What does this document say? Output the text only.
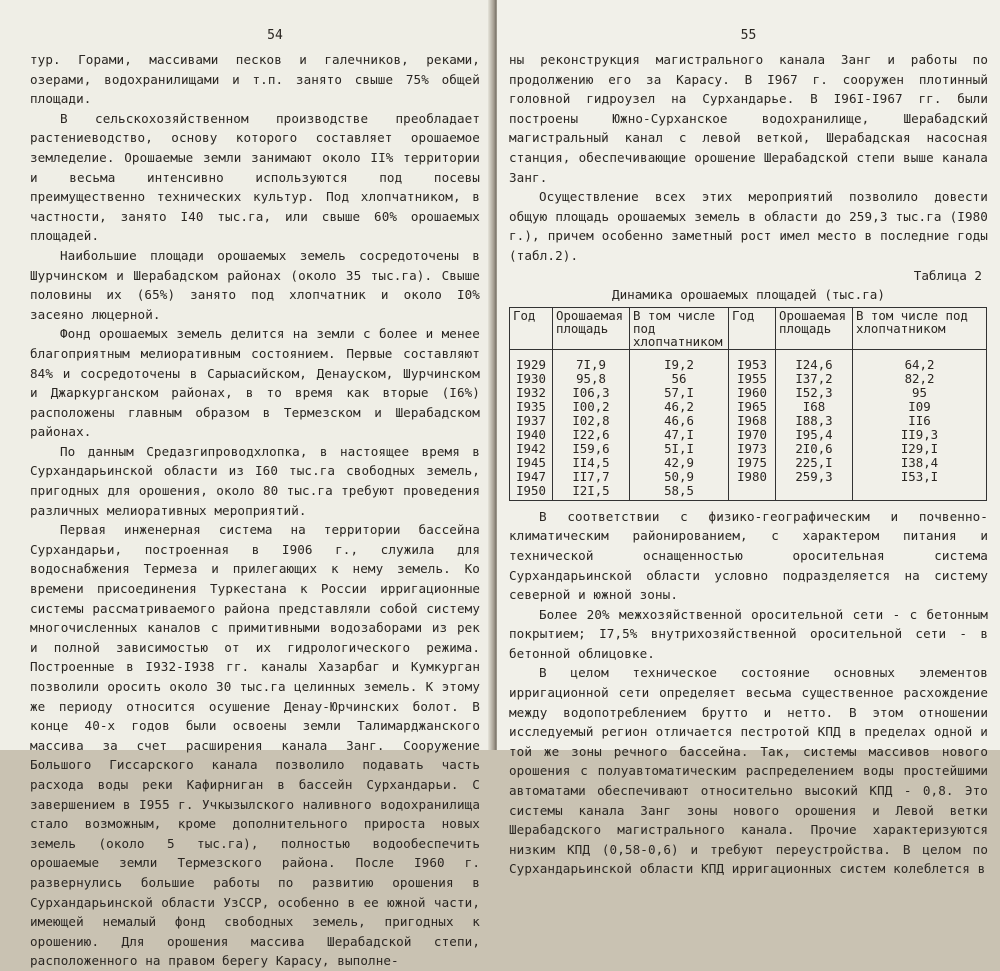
54

тур. Горами, массивами песков и галечников, реками, озерами, водохранилищами и т.п. занято свыше 75% общей площади.

В сельскохозяйственном производстве преобладает растениеводство, основу которого составляет орошаемое земледелие. Орошаемые земли занимают около II% территории и весьма интенсивно используются под посевы преимущественно технических культур. Под хлопчатником, в частности, занято I40 тыс.га, или свыше 60% орошаемых площадей.

Наибольшие площади орошаемых земель сосредоточены в Шурчинском и Шерабадском районах (около 35 тыс.га). Свыше половины их (65%) занято под хлопчатник и около I0% засеяно люцерной.

Фонд орошаемых земель делится на земли с более и менее благоприятным мелиоративным состоянием. Первые составляют 84% и сосредоточены в Сарыасийском, Денауском, Шурчинском и Джаркурганском районах, в то время как вторые (I6%) расположены главным образом в Термезском и Шерабадском районах.

По данным Средазгипроводхлопка, в настоящее время в Сурхандарьинской области из I60 тыс.га свободных земель, пригодных для орошения, около 80 тыс.га требуют проведения различных мелиоративных мероприятий.

Первая инженерная система на территории бассейна Сурхандарьи, построенная в I906 г., служила для водоснабжения Термеза и прилегающих к нему земель. Ко времени присоединения Туркестана к России ирригационные системы рассматриваемого района представляли собой систему многочисленных каналов с примитивными водозаборами из рек и полной зависимостью от их гидрологического режима. Построенные в I932-I938 гг. каналы Хазарбаг и Кумкурган позволили оросить около 30 тыс.га целинных земель. К этому же периоду относится осушение Денау-Юрчинских болот. В конце 40-х годов были освоены земли Талимарджанского массива за счет расширения канала Занг. Сооружение Большого Гиссарского канала позволило подавать часть расхода воды реки Кафирниган в бассейн Сурхандарьи. С завершением в I955 г. Учкызылского наливного водохранилища стало возможным, кроме дополнительного прироста новых земель (около 5 тыс.га), полностью водообеспечить орошаемые земли Термезского района. После I960 г. развернулись большие работы по развитию орошения в Сурхандарьинской области УзССР, особенно в ее южной части, имеющей немалый фонд свободных земель, пригодных к орошению. Для орошения массива Шерабадской степи, расположенного на правом берегу Карасу, выполне-

55

ны реконструкция магистрального канала Занг и работы по продолжению его за Карасу. В I967 г. сооружен плотинный головной гидроузел на Сурхандарье. В I96I-I967 гг. были построены Южно-Сурханское водохранилище, Шерабадский магистральный канал с левой веткой, Шерабадская насосная станция, обеспечивающие орошение Шерабадской степи выше канала Занг.

Осуществление всех этих мероприятий позволило довести общую площадь орошаемых земель в области до 259,3 тыс.га (I980 г.), причем особенно заметный рост имел место в последние годы (табл.2).

Таблица 2
Динамика орошаемых площадей (тыс.га)
Год	Орошаемая площадь	В том числе под хлопчатником	Год	Орошаемая площадь	В том числе под хлопчатником
I929	7I,9	I9,2	I953	I24,6	64,2
I930	95,8	56	I955	I37,2	82,2
I932	I06,3	57,I	I960	I52,3	95
I935	I00,2	46,2	I965	I68	I09
I937	I02,8	46,6	I968	I88,3	II6
I940	I22,6	47,I	I970	I95,4	II9,3
I942	I59,6	5I,I	I973	2I0,6	I29,I
I945	II4,5	42,9	I975	225,I	I38,4
I947	II7,7	50,9	I980	259,3	I53,I
I950	I2I,5	58,5			

В соответствии с физико-географическим и почвенно-климатическим районированием, с характером питания и технической оснащенностью оросительная система Сурхандарьинской области условно подразделяется на систему северной и южной зоны.

Более 20% межхозяйственной оросительной сети - с бетонным покрытием; I7,5% внутрихозяйственной оросительной сети - в бетонной облицовке.

В целом техническое состояние основных элементов ирригационной сети определяет весьма существенное расхождение между водопотреблением брутто и нетто. В этом отношении исследуемый регион отличается пестротой КПД в пределах одной и той же зоны речного бассейна. Так, системы массивов нового орошения с полуавтоматическим распределением воды простейшими автоматами обеспечивают относительно высокий КПД - 0,8. Это системы канала Занг зоны нового орошения и Левой ветки Шерабадского магистрального канала. Прочие характеризуются низким КПД (0,58-0,6) и требуют переустройства. В целом по Сурхандарьинской области КПД ирригационных систем колеблется в
